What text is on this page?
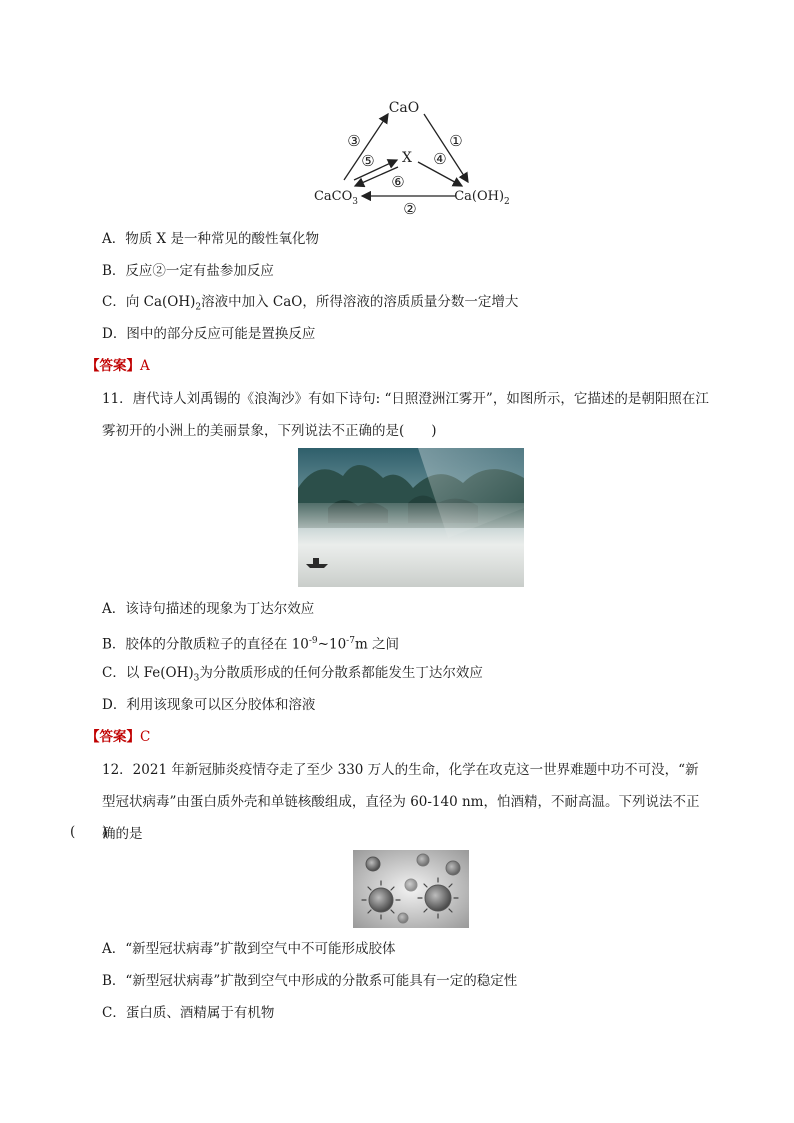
CaO
CaCO$_3$	$Ca(OH)_2$
X
③	①
⑤	④
⑥
②
A．物质 X 是一种常见的酸性氧化物
B．反应②一定有盐参加反应
C．向 $Ca(OH)_2$溶液中加入 CaO，所得溶液的溶质质量分数一定增大
D．图中的部分反应可能是置换反应
【答案】A
11．唐代诗人刘禹锡的《浪淘沙》有如下诗句: “日照澄洲江雾开”，如图所示，它描述的是朝阳照在江雾初开的小洲上的美丽景象，下列说法不正确的是(　　)
A．该诗句描述的现象为丁达尔效应
B．胶体的分散质粒子的直径在 $10^{-9}\sim 10^{-7}m$ 之间
C．以 $Fe(OH)_3$为分散质形成的任何分散系都能发生丁达尔效应
D．利用该现象可以区分胶体和溶液
【答案】C
12．2021 年新冠肺炎疫情夺走了至少 330 万人的生命，化学在攻克这一世界难题中功不可没，“新型冠状病毒”由蛋白质外壳和单链核酸组成，直径为 60-140 nm，怕酒精，不耐高温。下列说法不正确的是
(　　)
A．“新型冠状病毒”扩散到空气中不可能形成胶体
B．“新型冠状病毒”扩散到空气中形成的分散系可能具有一定的稳定性
C．蛋白质、酒精属于有机物
